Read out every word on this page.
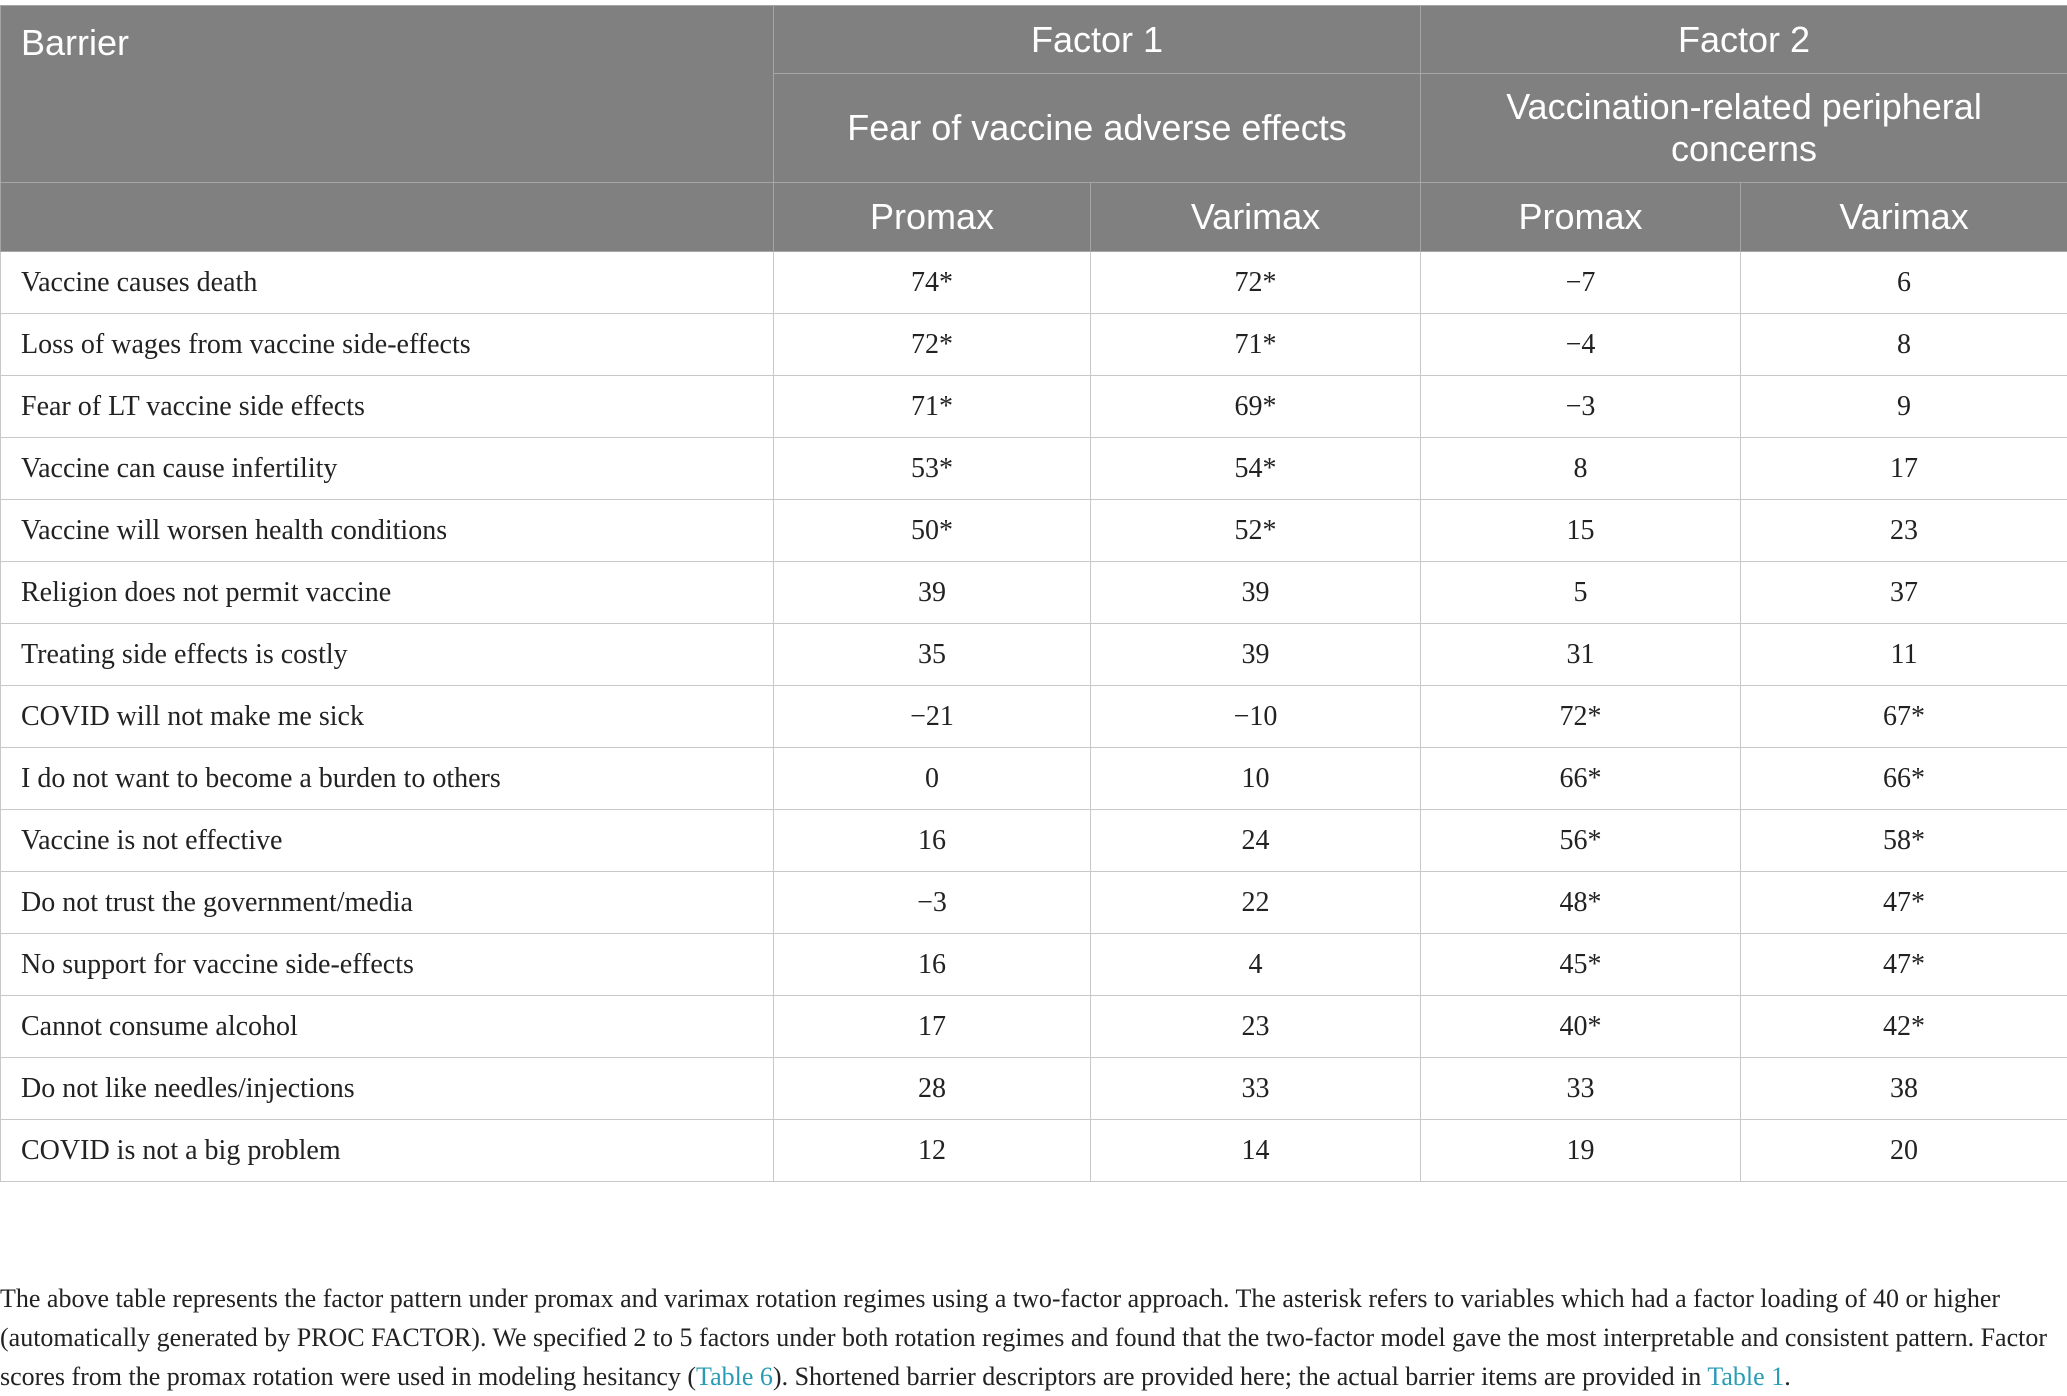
Barrier	Factor 1		Factor 2	
	Fear of vaccine adverse effects		Vaccination-related peripheral concerns	
	Promax	Varimax	Promax	Varimax
Vaccine causes death	74*	72*	−7	6
Loss of wages from vaccine side-effects	72*	71*	−4	8
Fear of LT vaccine side effects	71*	69*	−3	9
Vaccine can cause infertility	53*	54*	8	17
Vaccine will worsen health conditions	50*	52*	15	23
Religion does not permit vaccine	39	39	5	37
Treating side effects is costly	35	39	31	11
COVID will not make me sick	−21	−10	72*	67*
I do not want to become a burden to others	0	10	66*	66*
Vaccine is not effective	16	24	56*	58*
Do not trust the government/media	−3	22	48*	47*
No support for vaccine side-effects	16	4	45*	47*
Cannot consume alcohol	17	23	40*	42*
Do not like needles/injections	28	33	33	38
COVID is not a big problem	12	14	19	20

The above table represents the factor pattern under promax and varimax rotation regimes using a two-factor approach. The asterisk refers to variables which had a factor loading of 40 or higher (automatically generated by PROC FACTOR). We specified 2 to 5 factors under both rotation regimes and found that the two-factor model gave the most interpretable and consistent pattern. Factor scores from the promax rotation were used in modeling hesitancy (Table 6). Shortened barrier descriptors are provided here; the actual barrier items are provided in Table 1.
